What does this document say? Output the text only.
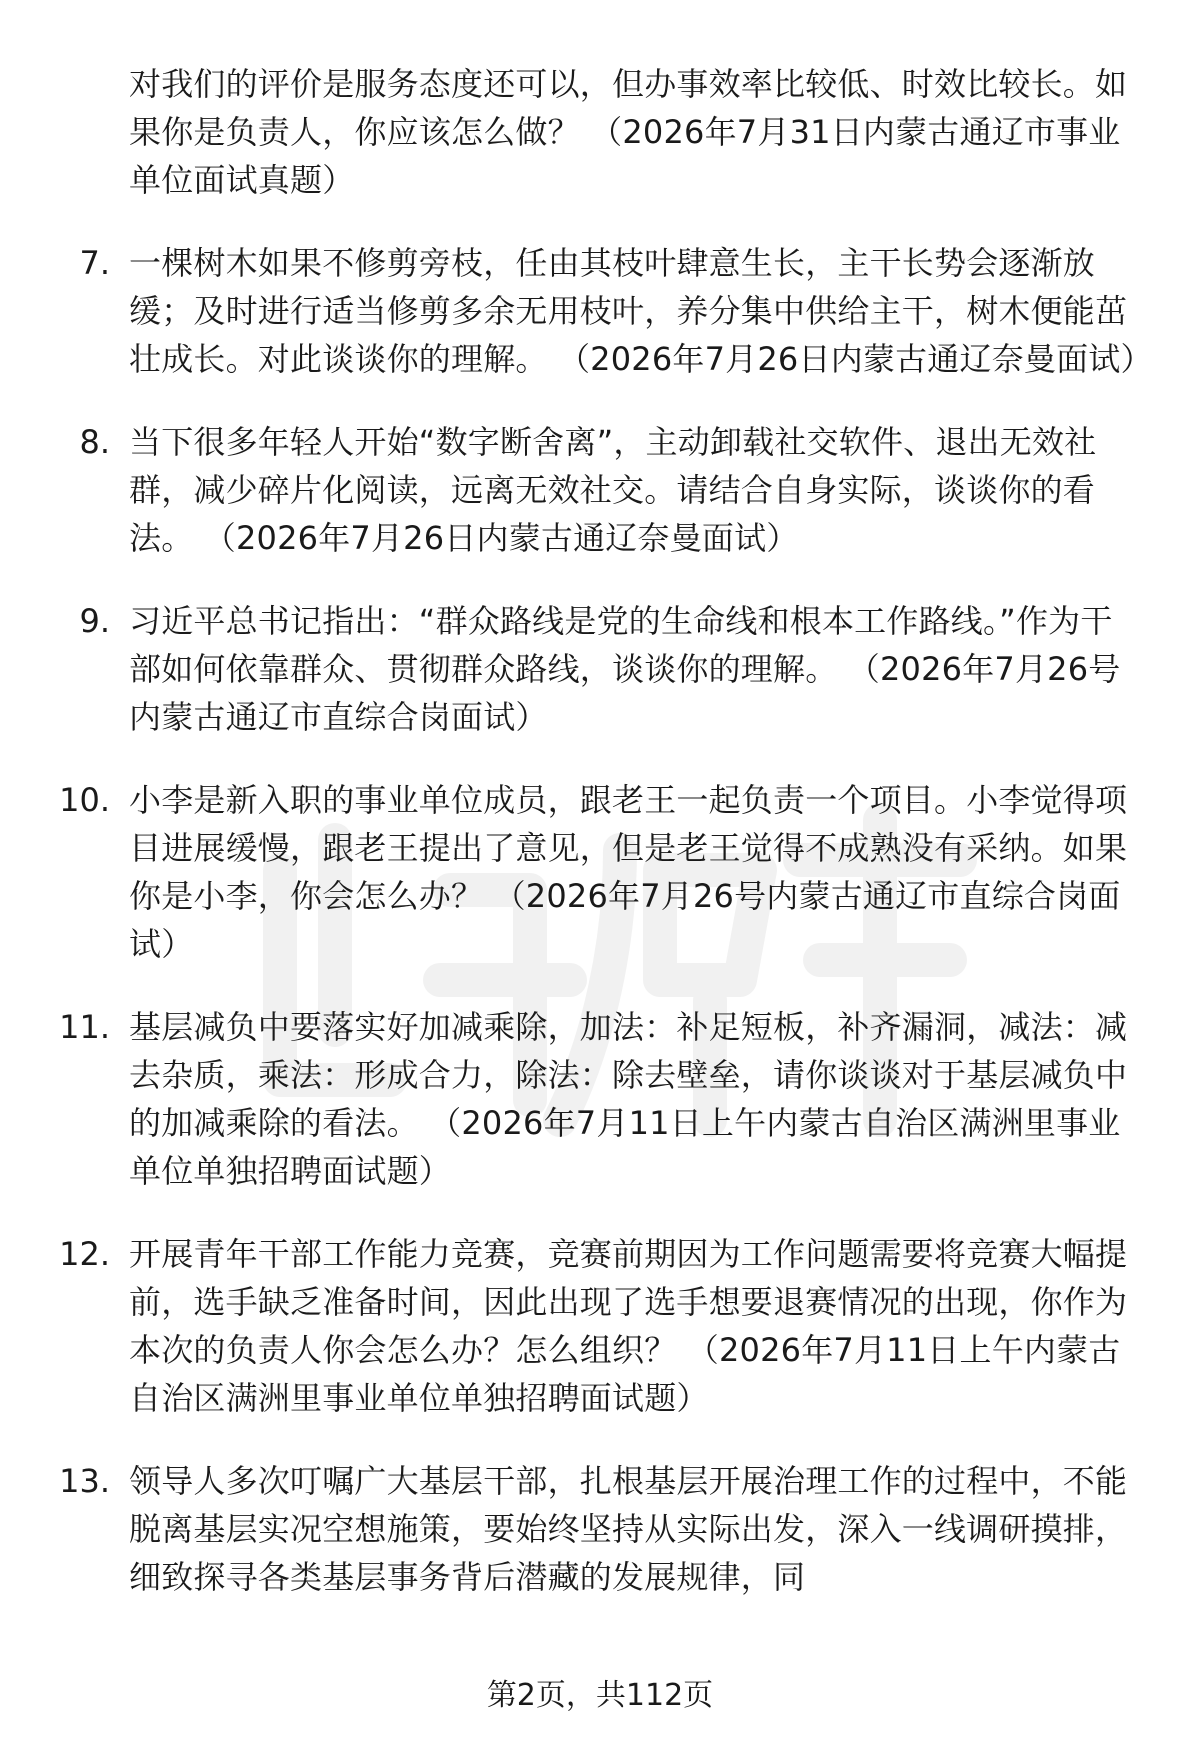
对我们的评价是服务态度还可以，但办事效率比较低、时效比较长。如果你是负责人，你应该怎么做？ （2026年7月31日内蒙古通辽市事业单位面试真题）
7. 一棵树木如果不修剪旁枝，任由其枝叶肆意生长，主干长势会逐渐放缓；及时进行适当修剪多余无用枝叶，养分集中供给主干，树木便能茁壮成长。对此谈谈你的理解。 （2026年7月26日内蒙古通辽奈曼面试）
8. 当下很多年轻人开始“数字断舍离”，主动卸载社交软件、退出无效社群，减少碎片化阅读，远离无效社交。请结合自身实际，谈谈你的看法。 （2026年7月26日内蒙古通辽奈曼面试）
9. 习近平总书记指出：“群众路线是党的生命线和根本工作路线。”作为干部如何依靠群众、贯彻群众路线，谈谈你的理解。 （2026年7月26号内蒙古通辽市直综合岗面试）
10. 小李是新入职的事业单位成员，跟老王一起负责一个项目。小李觉得项目进展缓慢，跟老王提出了意见，但是老王觉得不成熟没有采纳。如果你是小李，你会怎么办？ （2026年7月26号内蒙古通辽市直综合岗面试）
11. 基层减负中要落实好加减乘除，加法：补足短板，补齐漏洞，减法：减去杂质，乘法：形成合力，除法：除去壁垒，请你谈谈对于基层减负中的加减乘除的看法。 （2026年7月11日上午内蒙古自治区满洲里事业单位单独招聘面试题）
12. 开展青年干部工作能力竞赛，竞赛前期因为工作问题需要将竞赛大幅提前，选手缺乏准备时间，因此出现了选手想要退赛情况的出现，你作为本次的负责人你会怎么办？怎么组织？ （2026年7月11日上午内蒙古自治区满洲里事业单位单独招聘面试题）
13. 领导人多次叮嘱广大基层干部，扎根基层开展治理工作的过程中，不能脱离基层实况空想施策，要始终坚持从实际出发，深入一线调研摸排，细致探寻各类基层事务背后潜藏的发展规律，同
第2页，共112页
